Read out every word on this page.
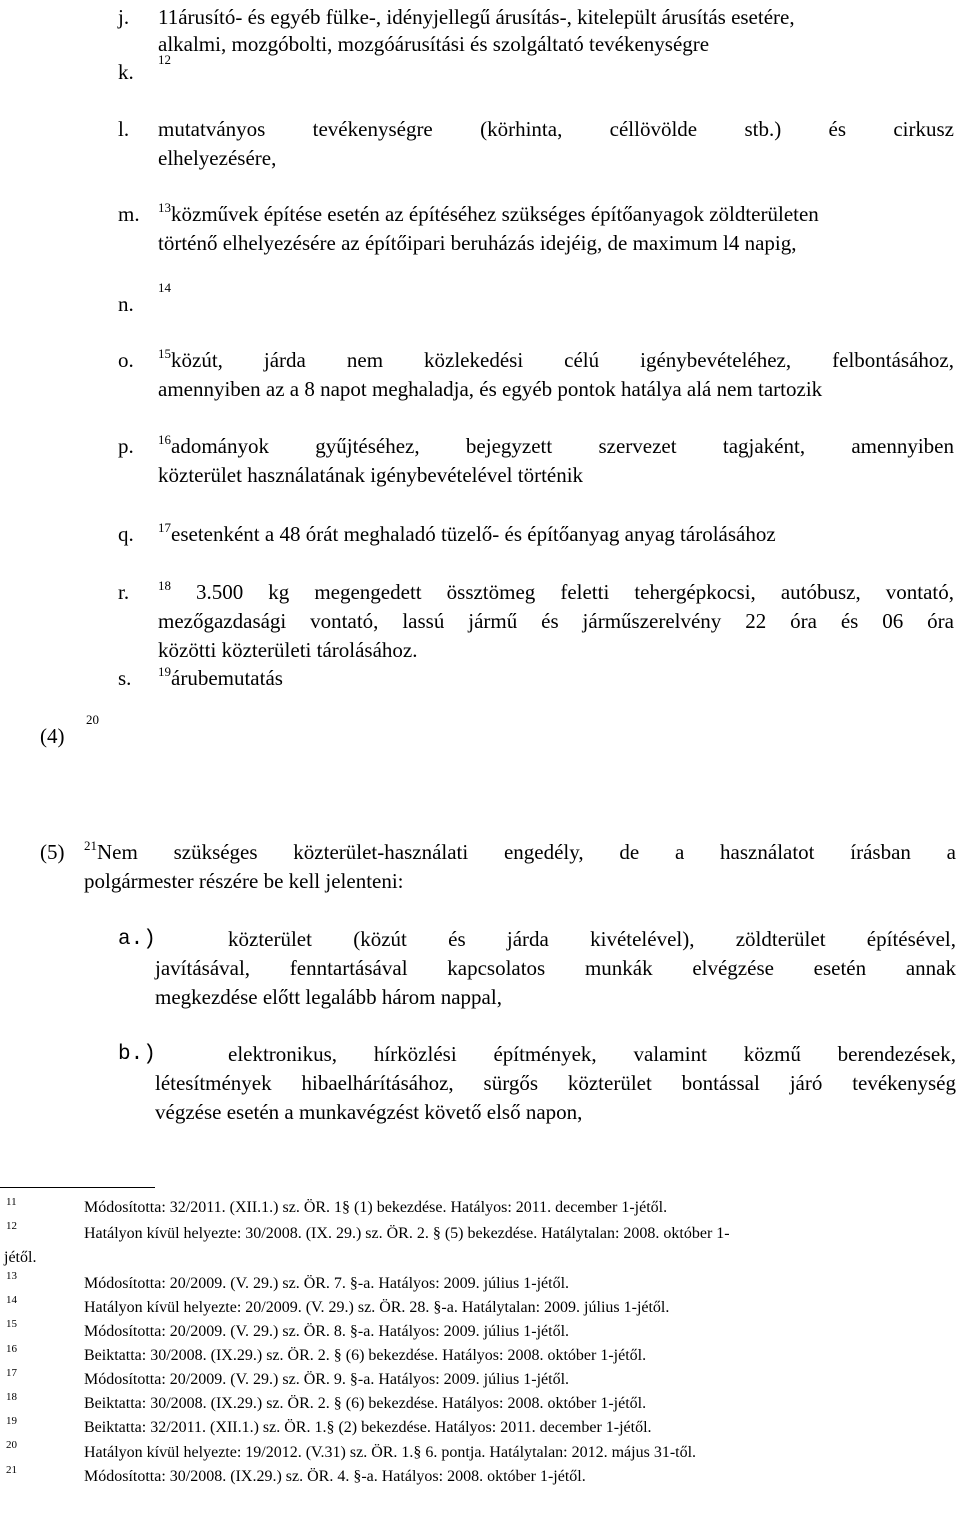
j. 11árusító- és egyéb fülke-, idényjellegű árusítás-, kitelepült árusítás esetére,
alkalmi, mozgóbolti, mozgóárusítási és szolgáltató tevékenységre
k.
$^{12}$
l. mutatványos tevékenységre (körhinta, céllövölde stb.) és cirkusz
elhelyezésére,
m. $^{13}$közművek építése esetén az építéséhez szükséges építőanyagok zöldterületen
történő elhelyezésére az építőipari beruházás idejéig, de maximum l4 napig,
n.
$^{14}$
o. $^{15}$közút, járda nem közlekedési célú igénybevételéhez, felbontásához,
amennyiben az a 8 napot meghaladja, és egyéb pontok hatálya alá nem tartozik
p. $^{16}$adományok gyűjtéséhez, bejegyzett szervezet tagjaként, amennyiben
közterület használatának igénybevételével történik
q. $^{17}$esetenként a 48 órát meghaladó tüzelő- és építőanyag anyag tárolásához
r. $^{18}$ 3.500 kg megengedett össztömeg feletti tehergépkocsi, autóbusz, vontató,
mezőgazdasági vontató, lassú jármű és járműszerelvény 22 óra és 06 óra
közötti közterületi tárolásához.
s. $^{19}$árubemutatás
(4)
$^{20}$
(5) $^{21}$Nem szükséges közterület-használati engedély, de a használatot írásban a
polgármester részére be kell jelenteni:
a.)	közterület (közút és járda kivételével), zöldterület építésével,
javításával, fenntartásával kapcsolatos munkák elvégzése esetén annak
megkezdése előtt legalább három nappal,
b.)	elektronikus, hírközlési építmények, valamint közmű berendezések,
létesítmények hibaelhárításához, sürgős közterület bontással járó tevékenység
végzése esetén a munkavégzést követő első napon,
11	Módosította: 32/2011. (XII.1.) sz. ÖR. 1§ (1) bekezdése. Hatályos: 2011. december 1-jétől.
12	Hatályon kívül helyezte: 30/2008. (IX. 29.) sz. ÖR. 2. § (5) bekezdése. Hatálytalan: 2008. október 1-
jétől.
13	Módosította: 20/2009. (V. 29.) sz. ÖR. 7. §-a. Hatályos: 2009. július 1-jétől.
14	Hatályon kívül helyezte: 20/2009. (V. 29.) sz. ÖR. 28. §-a. Hatálytalan: 2009. július 1-jétől.
15	Módosította: 20/2009. (V. 29.) sz. ÖR. 8. §-a. Hatályos: 2009. július 1-jétől.
16	Beiktatta: 30/2008. (IX.29.) sz. ÖR. 2. § (6) bekezdése. Hatályos: 2008. október 1-jétől.
17	Módosította: 20/2009. (V. 29.) sz. ÖR. 9. §-a. Hatályos: 2009. július 1-jétől.
18	Beiktatta: 30/2008. (IX.29.) sz. ÖR. 2. § (6) bekezdése. Hatályos: 2008. október 1-jétől.
19	Beiktatta: 32/2011. (XII.1.) sz. ÖR. 1.§ (2) bekezdése. Hatályos: 2011. december 1-jétől.
20	Hatályon kívül helyezte: 19/2012. (V.31) sz. ÖR. 1.§ 6. pontja. Hatálytalan: 2012. május 31-től.
21	Módosította: 30/2008. (IX.29.) sz. ÖR. 4. §-a. Hatályos: 2008. október 1-jétől.
